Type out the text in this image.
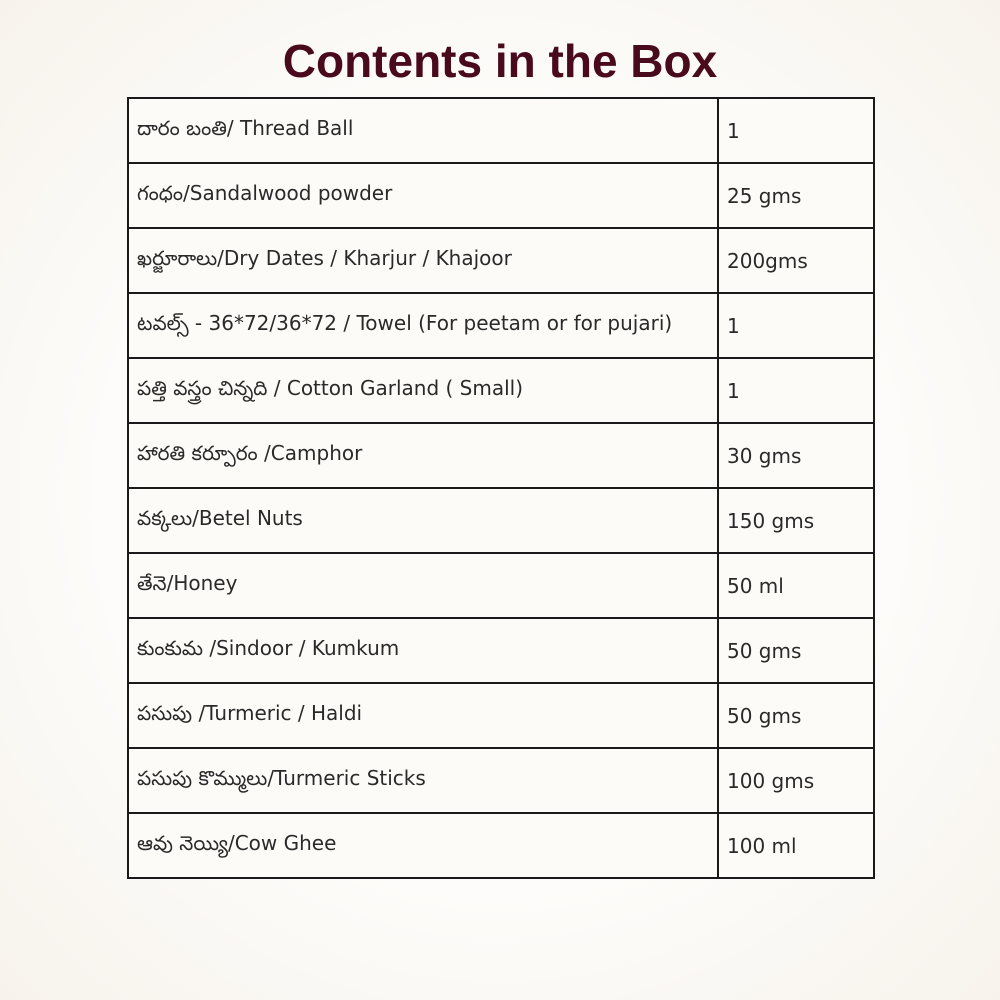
Contents in the Box
దారం బంతి/ Thread Ball	1
గంధం/Sandalwood powder	25 gms
ఖర్జూరాలు/Dry Dates / Kharjur / Khajoor	200gms
టవల్స్ - 36*72/36*72 / Towel (For peetam or for pujari)	1
పత్తి వస్త్రం చిన్నది / Cotton Garland ( Small)	1
హారతి కర్పూరం /Camphor	30 gms
వక్కలు/Betel Nuts	150 gms
తేనె/Honey	50 ml
కుంకుమ /Sindoor / Kumkum	50 gms
పసుపు /Turmeric / Haldi	50 gms
పసుపు కొమ్ములు/Turmeric Sticks	100 gms
ఆవు నెయ్యి/Cow Ghee	100 ml
